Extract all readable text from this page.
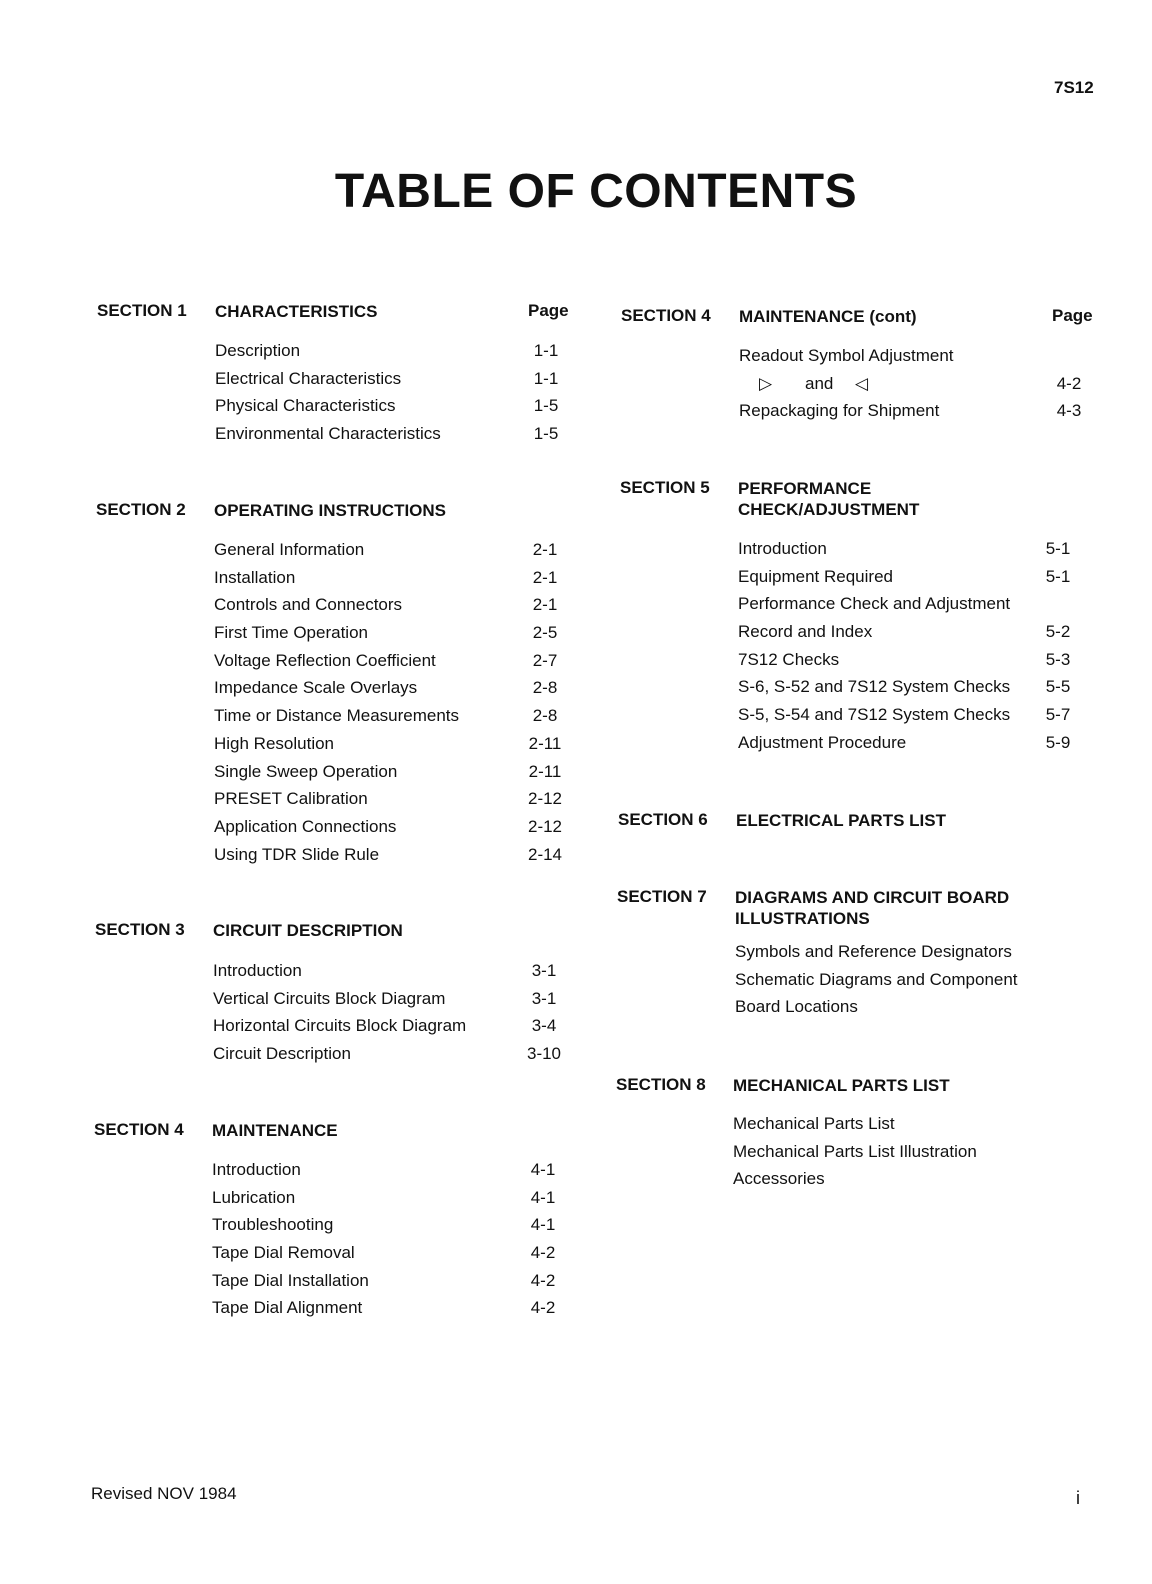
7S12
TABLE OF CONTENTS
SECTION 1 CHARACTERISTICS	Page
Description	1-1
Electrical Characteristics	1-1
Physical Characteristics	1-5
Environmental Characteristics	1-5
SECTION 2 OPERATING INSTRUCTIONS
General Information	2-1
Installation	2-1
Controls and Connectors	2-1
First Time Operation	2-5
Voltage Reflection Coefficient	2-7
Impedance Scale Overlays	2-8
Time or Distance Measurements	2-8
High Resolution	2-11
Single Sweep Operation	2-11
PRESET Calibration	2-12
Application Connections	2-12
Using TDR Slide Rule	2-14
SECTION 3 CIRCUIT DESCRIPTION
Introduction	3-1
Vertical Circuits Block Diagram	3-1
Horizontal Circuits Block Diagram	3-4
Circuit Description	3-10
SECTION 4 MAINTENANCE
Introduction	4-1
Lubrication	4-1
Troubleshooting	4-1
Tape Dial Removal	4-2
Tape Dial Installation	4-2
Tape Dial Alignment	4-2
SECTION 4 MAINTENANCE (cont)	Page
Readout Symbol Adjustment
▷ and ◁	4-2
Repackaging for Shipment	4-3
SECTION 5 PERFORMANCE
CHECK/ADJUSTMENT
Introduction	5-1
Equipment Required	5-1
Performance Check and Adjustment
Record and Index	5-2
7S12 Checks	5-3
S-6, S-52 and 7S12 System Checks	5-5
S-5, S-54 and 7S12 System Checks	5-7
Adjustment Procedure	5-9
SECTION 6 ELECTRICAL PARTS LIST
SECTION 7 DIAGRAMS AND CIRCUIT BOARD
ILLUSTRATIONS
Symbols and Reference Designators
Schematic Diagrams and Component
Board Locations
SECTION 8 MECHANICAL PARTS LIST
Mechanical Parts List
Mechanical Parts List Illustration
Accessories
Revised NOV 1984	i
